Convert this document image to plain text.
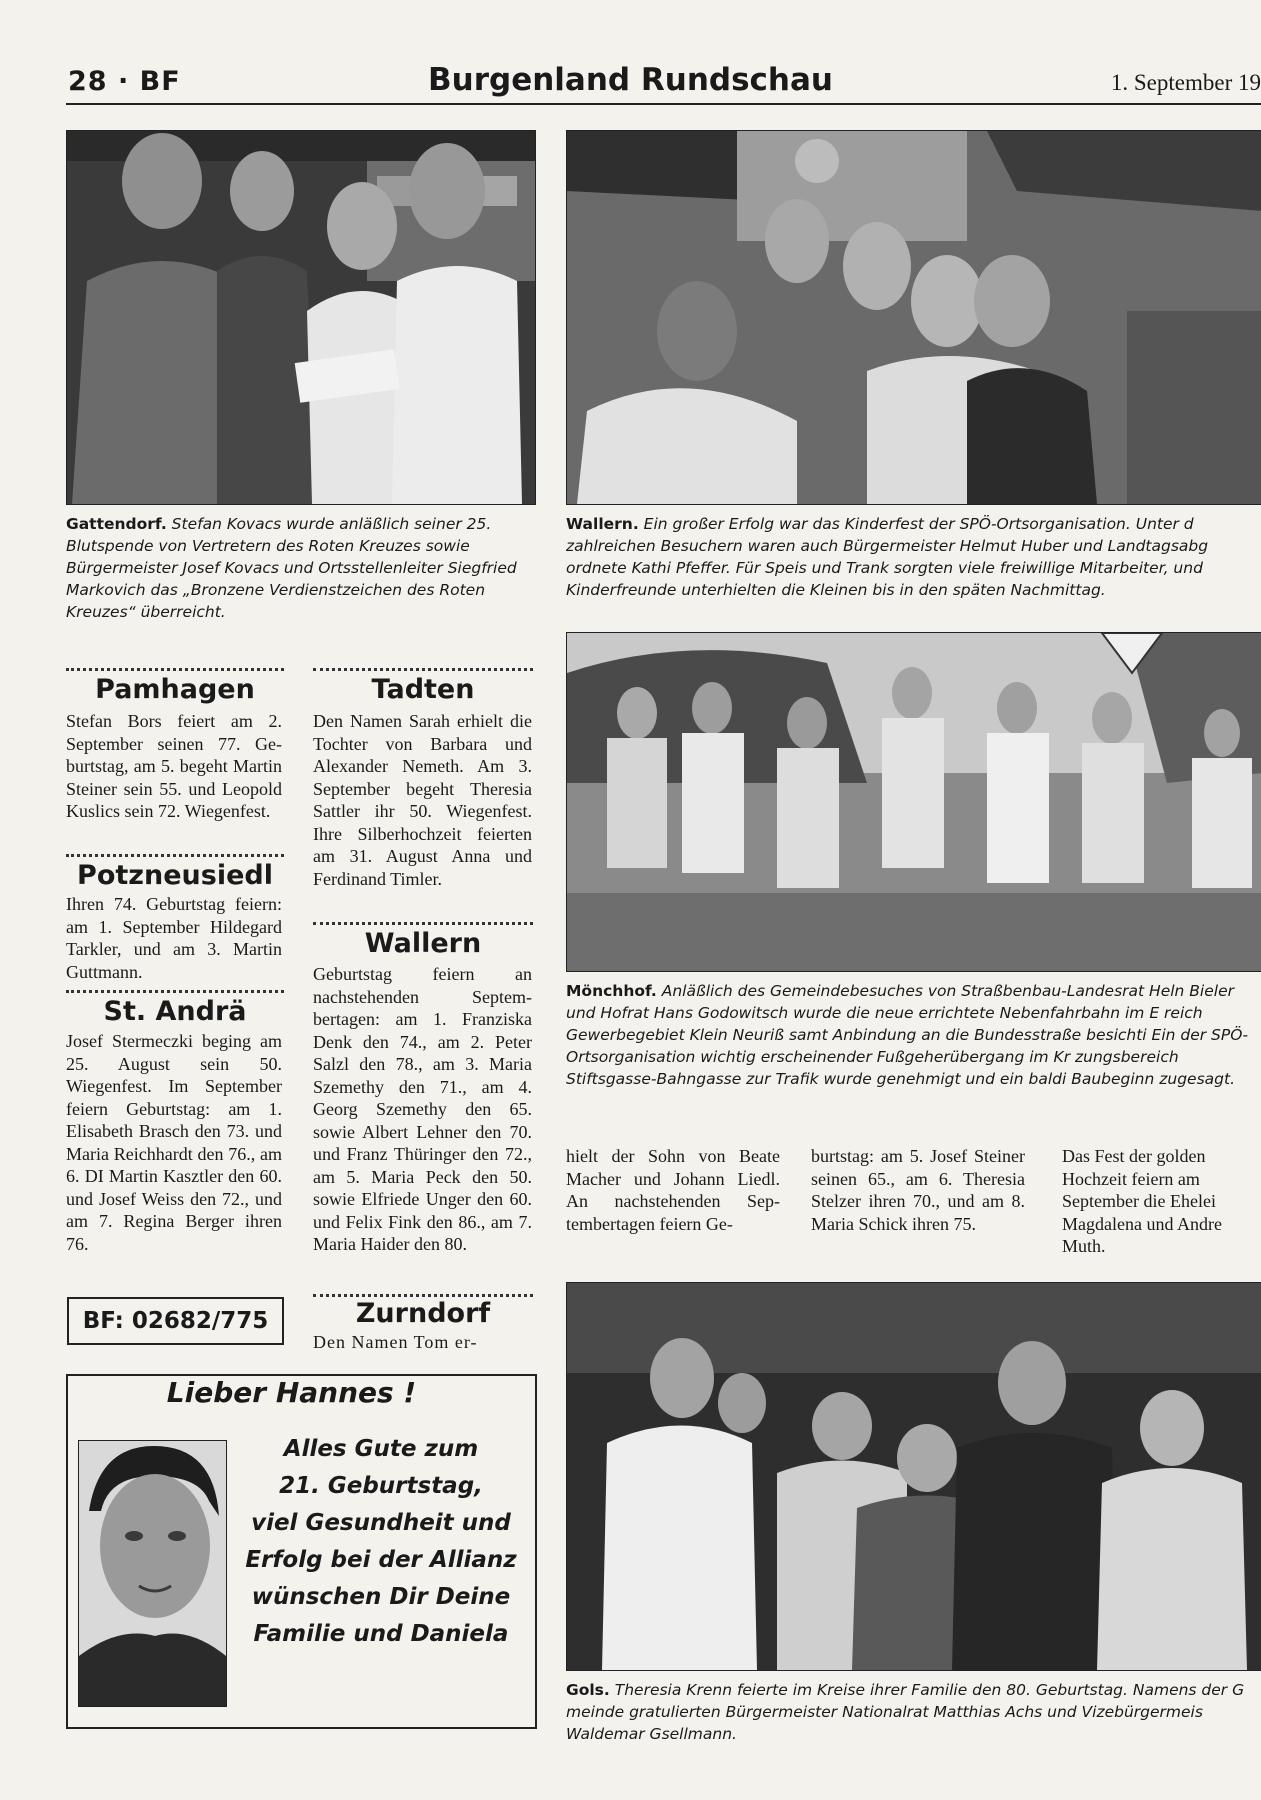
28 · BF	Burgenland Rundschau	1. September 19
Gattendorf. Stefan Kovacs wurde anläßlich seiner 25. Blutspende von Vertretern des Roten Kreuzes sowie Bürgermeister Josef Kovacs und Ortsstellenleiter Siegfried Markovich das „Bronzene Verdienstzeichen des Roten Kreuzes“ überreicht.
Wallern. Ein großer Erfolg war das Kinderfest der SPÖ-Ortsorganisation. Unter d zahlreichen Besuchern waren auch Bürgermeister Helmut Huber und Landtagsabg ordnete Kathi Pfeffer. Für Speis und Trank sorgten viele freiwillige Mitarbeiter, und Kinderfreunde unterhielten die Kleinen bis in den späten Nachmittag.
Pamhagen
Stefan Bors feiert am 2. September seinen 77. Geburtstag, am 5. begeht Martin Steiner sein 55. und Leopold Kuslics sein 72. Wiegenfest.
Potzneusiedl
Ihren 74. Geburtstag feiern: am 1. September Hildegard Tarkler, und am 3. Martin Guttmann.
St. Andrä
Josef Stermeczki beging am 25. August sein 50. Wiegenfest. Im September feiern Geburtstag: am 1. Elisabeth Brasch den 73. und Maria Reichhardt den 76., am 6. DI Martin Kasztler den 60. und Josef Weiss den 72., und am 7. Regina Berger ihren 76.
BF: 02682/775
Tadten
Den Namen Sarah erhielt die Tochter von Barbara und Alexander Nemeth. Am 3. September begeht Theresia Sattler ihr 50. Wiegenfest. Ihre Silberhochzeit feierten am 31. August Anna und Ferdinand Timler.
Wallern
Geburtstag feiern an nachstehenden Septembertagen: am 1. Franziska Denk den 74., am 2. Peter Salzl den 78., am 3. Maria Szemethy den 71., am 4. Georg Szemethy den 65. sowie Albert Lehner den 70. und Franz Thüringer den 72., am 5. Maria Peck den 50. sowie Elfriede Unger den 60. und Felix Fink den 86., am 7. Maria Haider den 80.
Zurndorf
Den Namen Tom er-
Mönchhof. Anläßlich des Gemeindebesuches von Straßbenbau-Landesrat Heln Bieler und Hofrat Hans Godowitsch wurde die neue errichtete Nebenfahrbahn im E reich Gewerbegebiet Klein Neuriß samt Anbindung an die Bundesstraße besichti Ein der SPÖ-Ortsorganisation wichtig erscheinender Fußgeherübergang im Kr zungsbereich Stiftsgasse-Bahngasse zur Trafik wurde genehmigt und ein baldi Baubeginn zugesagt.
hielt der Sohn von Beate Macher und Johann Liedl. An nachstehenden Septembertagen feiern Ge-
burtstag: am 5. Josef Steiner seinen 65., am 6. Theresia Stelzer ihren 70., und am 8. Maria Schick ihren 75.
Das Fest der golden Hochzeit feiern am September die Ehelei Magdalena und Andre Muth.
Gols. Theresia Krenn feierte im Kreise ihrer Familie den 80. Geburtstag. Namens der G meinde gratulierten Bürgermeister Nationalrat Matthias Achs und Vizebürgermeis Waldemar Gsellmann.
Lieber Hannes !
Alles Gute zum
21. Geburtstag,
viel Gesundheit und
Erfolg bei der Allianz
wünschen Dir Deine
Familie und Daniela
